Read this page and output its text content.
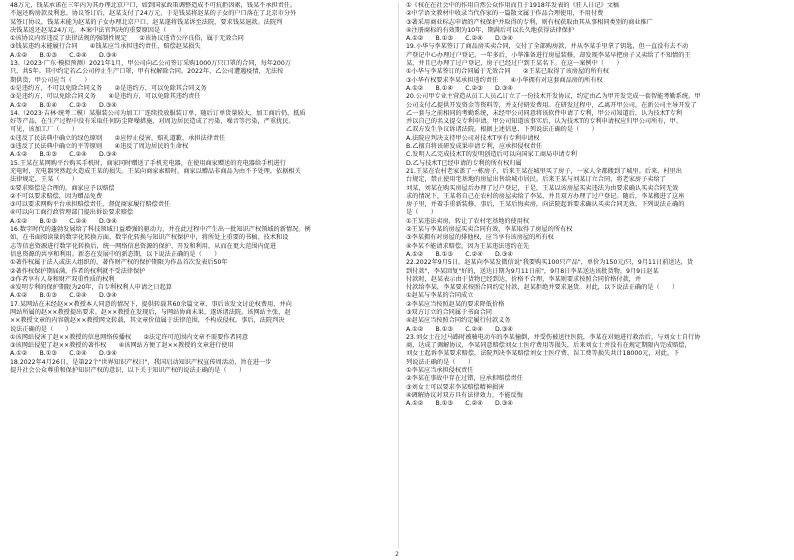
48万元，钱某承诺在三年内为其办理北京户口，如到国家政策调整造成不可抗拒因素，钱某不承担责任。
不退还购房款及利息。协议签订后，赵某支付了24万元，于是钱某将赵某的子女的户口落在了北京市分外
某签订协议，钱某未能为赵某的子女办理北京户口，赵某遂将钱某诉至法院，要求钱某退款。法院判
决钱某返还赵某24万元。本案中法官判决的重要原因是（　　）
①该协议内容违反了法律法规的强制性规定　　②该协议违背公序良俗，属于无效合同
③钱某违约未能履行合同　　④钱某应当承担违约责任，赔偿赵某损失
A.①②　　B.①③　　C.②④　　D.③④
13.（2023·广东·模拟预测）2021年1月，甲公司向乙公司签订采购1000万只口罩的合同，每年200万
只，共5年。其中约定若乙公司停止生产口罩，甲有权解除合同。2022年，乙公司遭遇疫情，无法按
期供货，甲公司应当（　　）
①是违约方，不可以免除合同义务　　②是违约方，可以免除其合同义务
③是违约方，可以免除合同义务　　④是违约方，可以免除其违约责任
A.①②　　B.①④　　C.②③　　D.③④
14.（2023·吉林·统考二模）某服装公司为加工厂连续投放服装订单，随后订单货量较大，加工商后仍、抵质
好等产品，在生产过程中没有采取任何防尘降噪措施，对周边居民造成了污染，噪音等污染，严重扰民。
可见，该加工厂（　　）
①违反了民法典中确立的绿色原则　　②应停止侵害，赔礼道歉，承担法律责任
③违反了民法典中确立的平等原则　　④违反了周边居民的生命权
A.①②　　B.①③　　C.②④　　D.③④
15.王某在某网购平台购买手机时，商家同时赠送了手机充电器，在使用商家赠送的充电器给手机进行
充电时，充电器突然起火造成王某的损失。王某向商家索赔时，商家以赠品非商品为由不予处理。依据相关
法律规定，王某（　　）
①要求赔偿是合理的，商家应予以赔偿
②不可以要求赔偿，因为赠品免费
③可以要求网购平台承担赔偿责任，督促商家履行赔偿责任
④可以向工商行政管理部门提出诉讼要求赔偿
A.①②　　B.①③　　C.②④　　D.③④
16.数字时代的蓬勃发展给了科技领域日益增强的驱动力，并在此过程中产生出一批知识产权领域的新情况。例
如，在书面阅读量的数字化转换方面，数字化转换与知识产权保护中，将所处上重要的书稿、技术和设
志等信息资源进行数字化转换后，统一网络信息资源的保护、开发和利用，从而在更大范围内促进
信息资源的共享和利用。新态在发展中的新态期，以下说法正确的是（　　）
①著作权属于法人或法人组织的，著作财产权的保护期限为作品首次发表后50年
②著作权保护期届满，作者的权利就不受法律保护
③作者享有人身和财产双重性质的权利
④发明专利的保护期限为20年，自专利权利人申请之日起算
A.①②　　B.①③　　C.②④　　D.③④
17.某网站在未经赵××教授本人同意的情况下，提供转载其60余篇文章，事后该发文讨论权费用，并向
网站所属的赵××教授提出要求。赵××教授在发现后，与网站协商未果，遂诉诸法院。该网站主张，赵
××教授文章的内容就赵××教授网文转载，其文章价值属于法律范围，不构成侵权。事后，法院判决
说法正确的是（　　）
①该网站侵害了赵××教授的信息网络传播权　　②法定许可范围内文章不需要作者同意
③该网站侵犯了赵××教授的著作权　　④该网站方便了赵××教授的文章进行使用
A.①②　　B.①③　　C.②④　　D.③④
18.2022年4月26日，是第22个"世界知识产权日"，我国启动知识产权宣传周活动，旨在进一步
提升社会公众尊重和保护知识产权的意识，以下关于知识产权的说法正确的是（　　）
①《权在在社会中的作用自然公众作用而且于1918年发表的《狂人日记》文稿
②中学语文教材中收录当代作家的一篇散文属于作品合理使用，不用付费
③著采用商业标志申请的产权保护并取得的专利，则有权获取由其从事相同类别的商业推广
④注册商标的有效期为10年，期满后可以长久地获得法律保护
A.①②　　B.①③　　C.②④　　D.③④
19.小华与李某签订了商品房买卖合同，交付了全部购房款，并从李某手里拿了钥匙，但一直没有去不动
产登记中心办理过户登记。一年多后，小华准备进行房屋装修，却发现李某早把房子又卖给了不知情的王
某，并且已办理了过户登记，房子已经过户到王某名下。在这一案例中（　　）
①小华与李某签订的合同属于无效合同　　②王某已取得了该房屋的所有权
③小华有权要求李某承担违约责任　　④小华拥有对这套商品房的所有权
A.①②　　B.①④　　C.②③　　D.③④
20.公司甲专业主营造从员工人员乙订立了一份技术开发协议，约定由乙为甲开发完成一套智能考勤系统。甲
公司支付乙提供开发资金等资料等，并支付研发费用。在研发过程中，乙离开甲公司，在新公司主导开发了
乙一套与之前相同的考勤系统，未经甲公司同意将该软件申请了专利，甲公司知道后，认为技术T专利
并以自己的名义提交专利申请。甲公司知道该事实后，认为技术T的专利申请权应归甲公司所有，甲、
乙双方发生争议诉诸法院。根据上述信息，下列说法正确的是（　　）
A.法院应判决支持甲公司对技术T享有专利申请权
B.乙擅自将该研发成果申请专利，应承担侵权责任
C.发明人乙完成技术T的发明创造后可以向国家工商局申请专利
D.乙与技术T已经申请的专利的所有权归属
21.王某在农村老家盖了一栋房子，后来王某在城里买了房子，一家人全都搬到了城里。后来，村里出
台规定，禁止使用宅基地的房屋出售给城市居民。后来王某与刘某订立合同，将老家房子卖给了
刘某，刘某在购买房屋后办理了过户登记，于是，王某以该房屋买卖违法为由要求确认买卖合同无效
求的情况下，王某将自己在农村的房屋卖给了李某，并且双方办理了过户登记。随后，李某搬进了这座
房子里，并着手重新装修。事后，王某后悔卖房，向法院起诉要求确认买卖合同无效。下列说法正确的
是（　　）
①王某违法卖房，转让了农村宅基地的使用权
②王某与李某的房屋买卖合同有效，李某取得了房屋的所有权
③李某拥有对房屋的排他权，应当享有该房屋的所有权
④李某不能请求赔偿，因为王某违法违约在先
A.①②　　B.①③　　C.②④　　D.③④
22.2022年9月5日，赵某向李某发微信说"我要购买100只产品"，单价为150元/只，9月11日前送达，货
到付款"，李某回复"好的，送达日期为9月11日前"，9月8日李某送达该批货物，9月9日赵某
付款时，赵某表示由于货物已经到达，价格不合理，李某则要求按照合同价格付款，并
付款给李某，李某要求按照合同约定付款，赵某拒绝并要求退货。对此，以下说法正确的是（　　）
①赵某与李某的合同成立
②李某应当按照赵某的要求降低价格
③双方订立的合同属于书面合同
④赵某应当按照合同约定履行付款义务
A.①②　　B.①③　　C.②④　　D.③④
23.刘女士在过马路时被骑电动车的李某撞倒，并受伤被送往医院，李某在对她进行救治后，与刘女士自行协
商，达成了调解协议，李某同意赔偿刘女士医疗费用等损失，后来刘女士并没有在规定期限内完成赔偿，
刘女士起诉李某要求赔偿，法院判决李某赔偿刘女士医疗费、误工费等损失共计18000元，对此，下
列说法正确的是（　　）
①李某应当承担侵权责任
②李某在事故中存在过错，应承担赔偿责任
③刘女士可以要求李某赔偿精神损害
④调解协议对双方具有法律效力，不能反悔
A.①②　　B.①③　　C.②④　　D.③④
2
